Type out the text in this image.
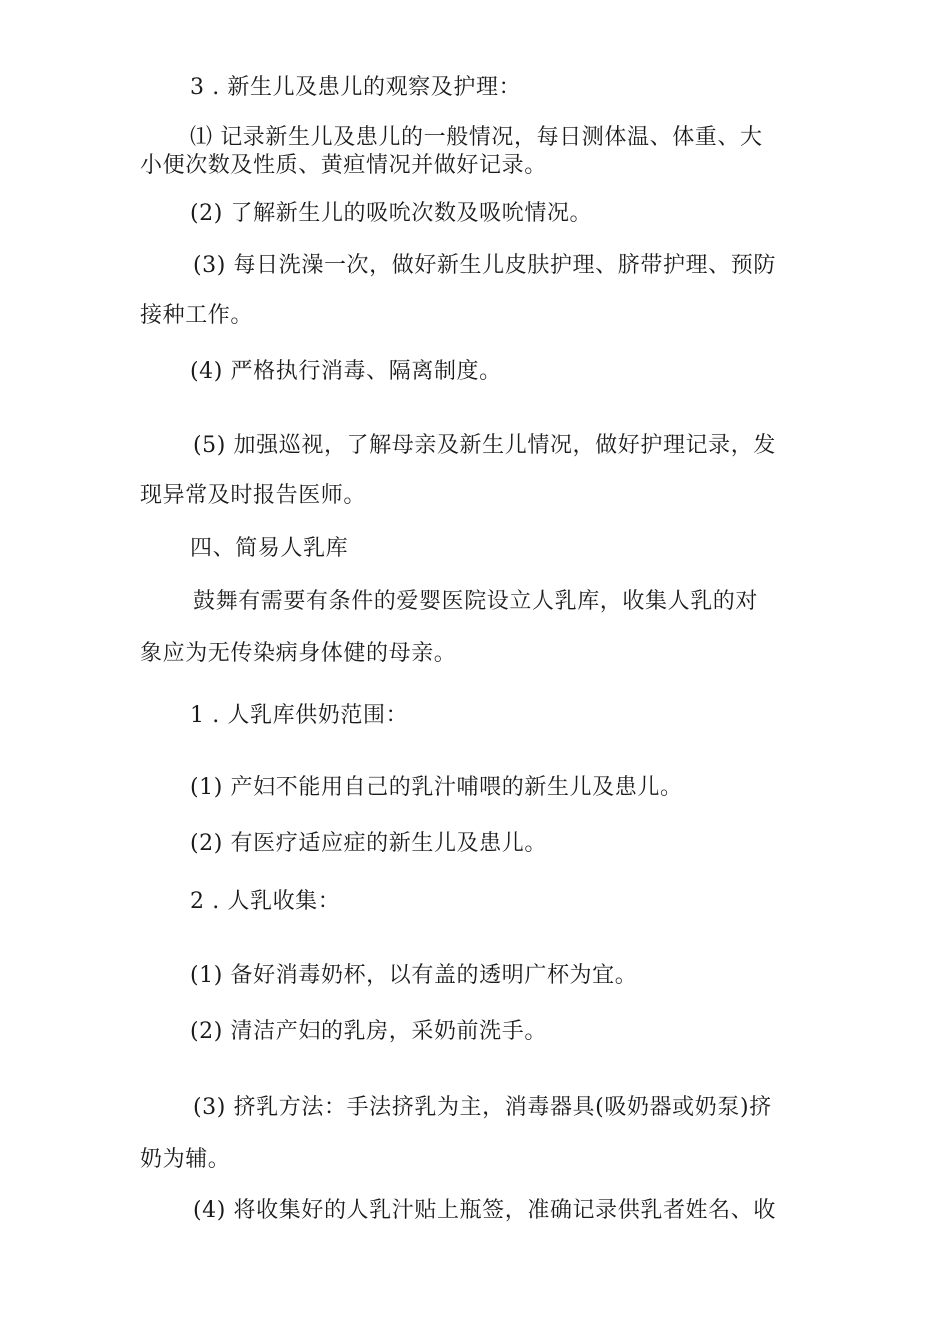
3 . 新生儿及患儿的观察及护理：
⑴ 记录新生儿及患儿的一般情况，每日测体温、体重、大
小便次数及性质、黄疸情况并做好记录。
(2) 了解新生儿的吸吮次数及吸吮情况。
(3) 每日洗澡一次，做好新生儿皮肤护理、脐带护理、预防
接种工作。
(4) 严格执行消毒、隔离制度。
(5) 加强巡视，了解母亲及新生儿情况，做好护理记录，发
现异常及时报告医师。
四、简易人乳库
鼓舞有需要有条件的爱婴医院设立人乳库，收集人乳的对
象应为无传染病身体健的母亲。
1 . 人乳库供奶范围：
(1) 产妇不能用自己的乳汁哺喂的新生儿及患儿。
(2) 有医疗适应症的新生儿及患儿。
2 . 人乳收集：
(1) 备好消毒奶杯，以有盖的透明广杯为宜。
(2) 清洁产妇的乳房，采奶前洗手。
(3) 挤乳方法：手法挤乳为主，消毒器具(吸奶器或奶泵)挤
奶为辅。
(4) 将收集好的人乳汁贴上瓶签，准确记录供乳者姓名、收
